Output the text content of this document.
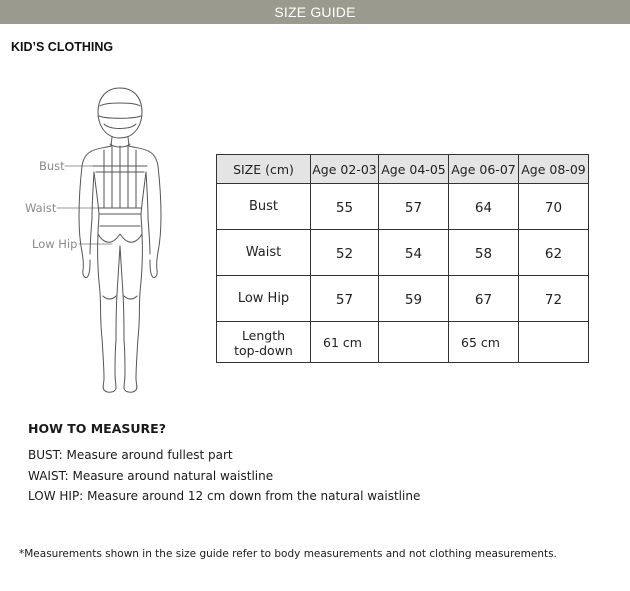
SIZE GUIDE
KID’S CLOTHING
Bust
Waist
Low Hip
SIZE (cm)	Age 02-03	Age 04-05	Age 06-07	Age 08-09
Bust	55	57	64	70
Waist	52	54	58	62
Low Hip	57	59	67	72

Length
top-down	61 cm		65 cm	
HOW TO MEASURE?
BUST: Measure around fullest part
WAIST: Measure around natural waistline
LOW HIP: Measure around 12 cm down from the natural waistline
*Measurements shown in the size guide refer to body measurements and not clothing measurements.
